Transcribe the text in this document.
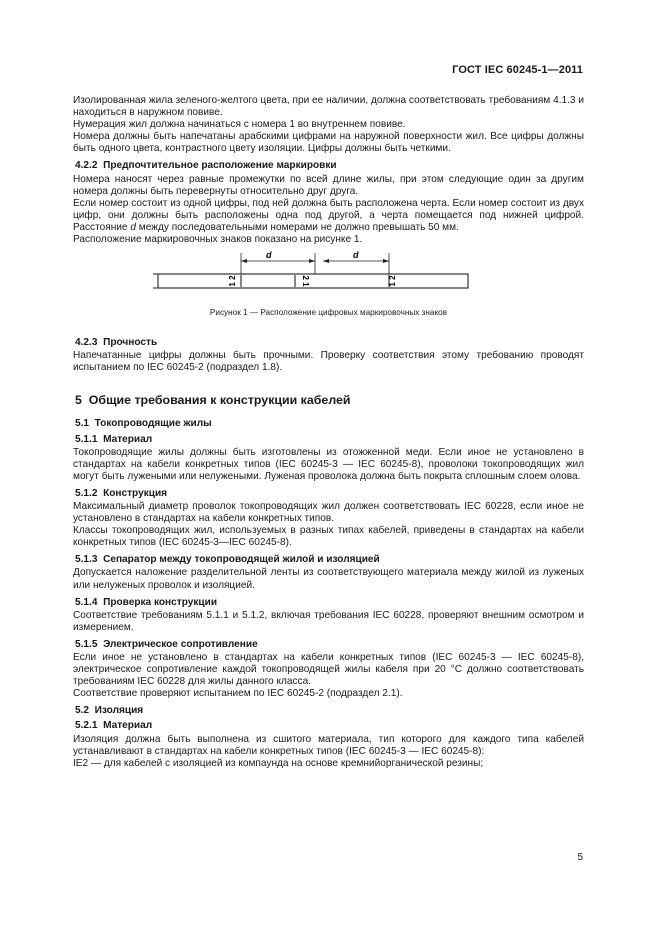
ГОСТ IEC 60245-1—2011

Изолированная жила зеленого-желтого цвета, при ее наличии, должна соответствовать требованиям 4.1.3 и находиться в наружном повиве.

Нумерация жил должна начинаться с номера 1 во внутреннем повиве.

Номера должны быть напечатаны арабскими цифрами на наружной поверхности жил. Все цифры должны быть одного цвета, контрастного цвету изоляции. Цифры должны быть четкими.

4.2.2 Предпочтительное расположение маркировки

Номера наносят через равные промежутки по всей длине жилы, при этом следующие один за другим номера должны быть перевернуты относительно друг друга.

Если номер состоит из одной цифры, под ней должна быть расположена черта. Если номер состоит из двух цифр, они должны быть расположены одна под другой, а черта помещается под нижней цифрой. Расстояние d между последовательными номерами не должно превышать 50 мм.

Расположение маркировочных знаков показано на рисунке 1.

d	d
1 2	2 1	1 2
Рисунок 1 — Расположение цифровых маркировочных знаков
4.2.3 Прочность

Напечатанные цифры должны быть прочными. Проверку соответствия этому требованию проводят испытанием по IEC 60245-2 (подраздел 1.8).

5 Общие требования к конструкции кабелей
5.1 Токопроводящие жилы
5.1.1 Материал

Токопроводящие жилы должны быть изготовлены из отожженной меди. Если иное не установлено в стандартах на кабели конкретных типов (IEC 60245-3 — IEC 60245-8), проволоки токопроводящих жил могут быть лужеными или нелужеными. Луженая проволока должна быть покрыта сплошным слоем олова.

5.1.2 Конструкция

Максимальный диаметр проволок токопроводящих жил должен соответствовать IEC 60228, если иное не установлено в стандартах на кабели конкретных типов.

Классы токопроводящих жил, используемых в разных типах кабелей, приведены в стандартах на кабели конкретных типов (IEC 60245-3—IEC 60245-8).

5.1.3 Сепаратор между токопроводящей жилой и изоляцией

Допускается наложение разделительной ленты из соответствующего материала между жилой из луженых или нелуженых проволок и изоляцией.

5.1.4 Проверка конструкции

Соответствие требованиям 5.1.1 и 5.1.2, включая требования IEC 60228, проверяют внешним осмотром и измерением.

5.1.5 Электрическое сопротивление

Если иное не установлено в стандартах на кабели конкретных типов (IEC 60245-3 — IEC 60245-8), электрическое сопротивление каждой токопроводящей жилы кабеля при 20 °С должно соответствовать требованиям IEC 60228 для жилы данного класса.

Соответствие проверяют испытанием по IEC 60245-2 (подраздел 2.1).

5.2 Изоляция
5.2.1 Материал

Изоляция должна быть выполнена из сшитого материала, тип которого для каждого типа кабелей устанавливают в стандартах на кабели конкретных типов (IEC 60245-3 — IEC 60245-8):

IE2 — для кабелей с изоляцией из компаунда на основе кремнийорганической резины;

5
